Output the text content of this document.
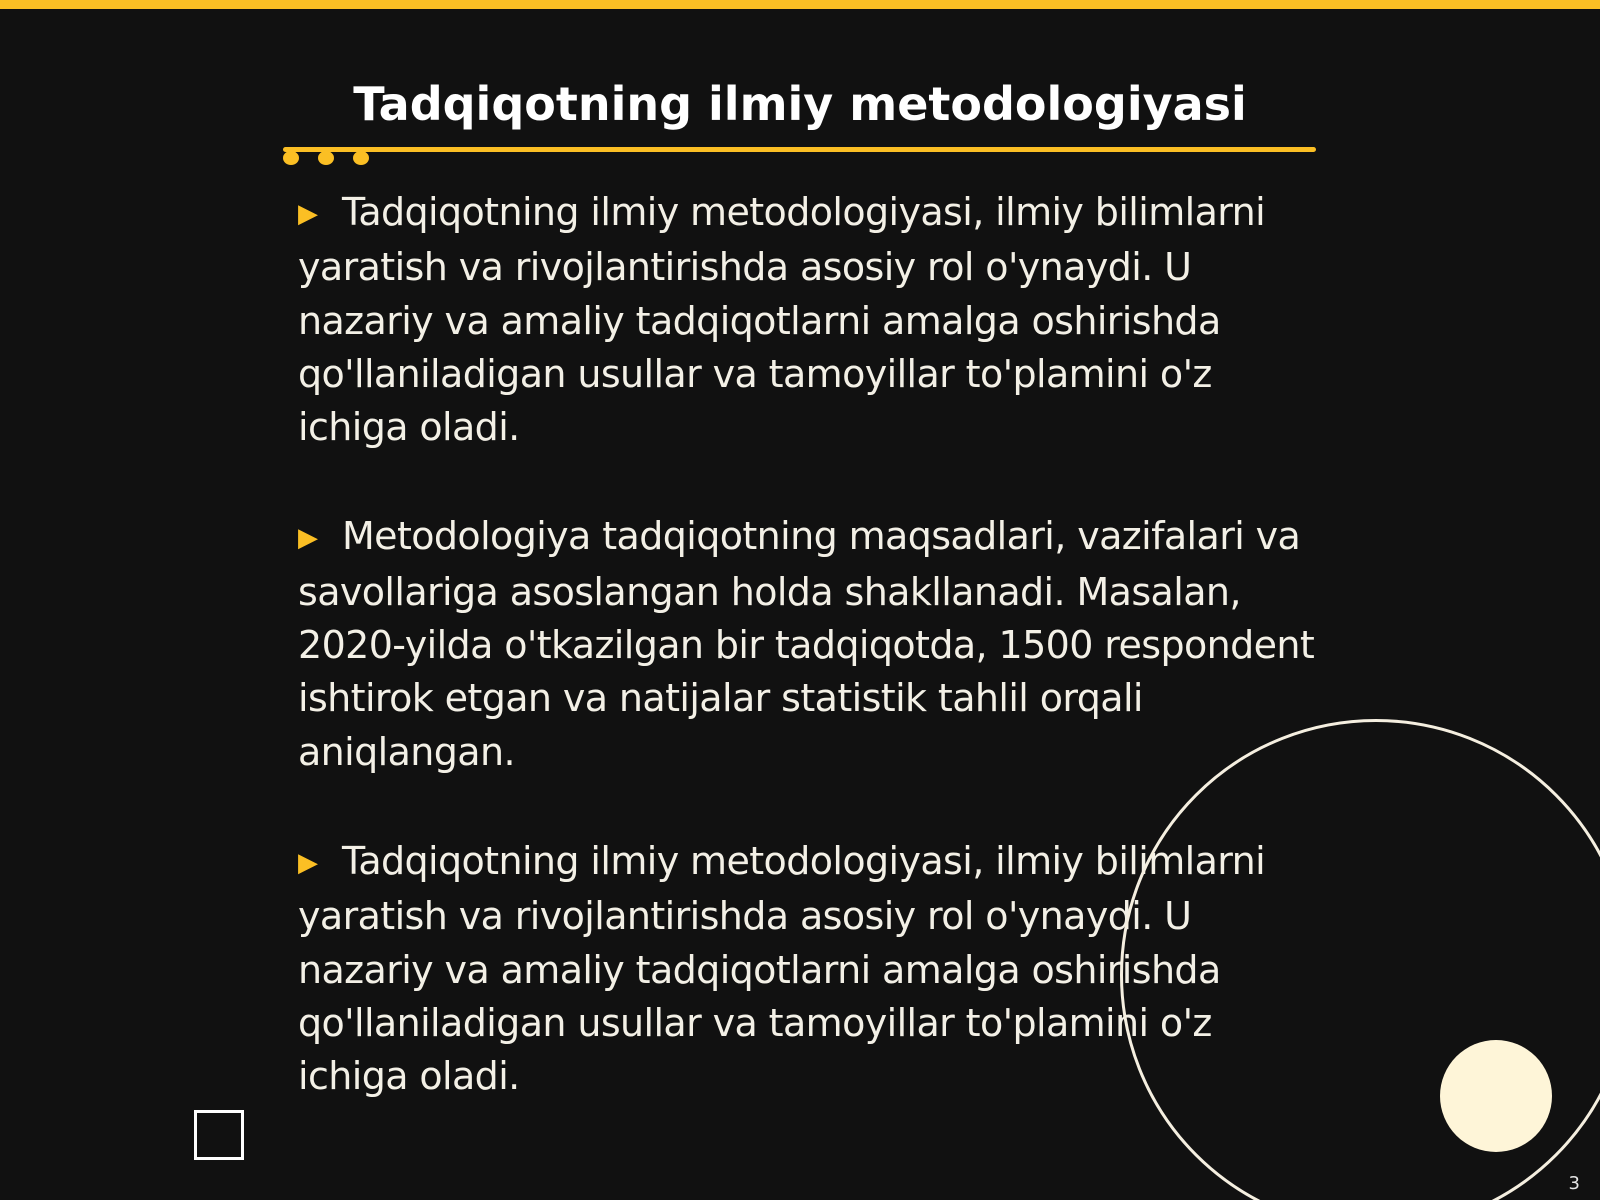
Tadqiqotning ilmiy metodologiyasi
▶ Tadqiqotning ilmiy metodologiyasi, ilmiy bilimlarni yaratish va rivojlantirishda asosiy rol o'ynaydi. U nazariy va amaliy tadqiqotlarni amalga oshirishda qo'llaniladigan usullar va tamoyillar to'plamini o'z ichiga oladi.
▶ Metodologiya tadqiqotning maqsadlari, vazifalari va savollariga asoslangan holda shakllanadi. Masalan, 2020-yilda o'tkazilgan bir tadqiqotda, 1500 respondent ishtirok etgan va natijalar statistik tahlil orqali aniqlangan.
▶ Tadqiqotning ilmiy metodologiyasi, ilmiy bilimlarni yaratish va rivojlantirishda asosiy rol o'ynaydi. U nazariy va amaliy tadqiqotlarni amalga oshirishda qo'llaniladigan usullar va tamoyillar to'plamini o'z ichiga oladi.
3
